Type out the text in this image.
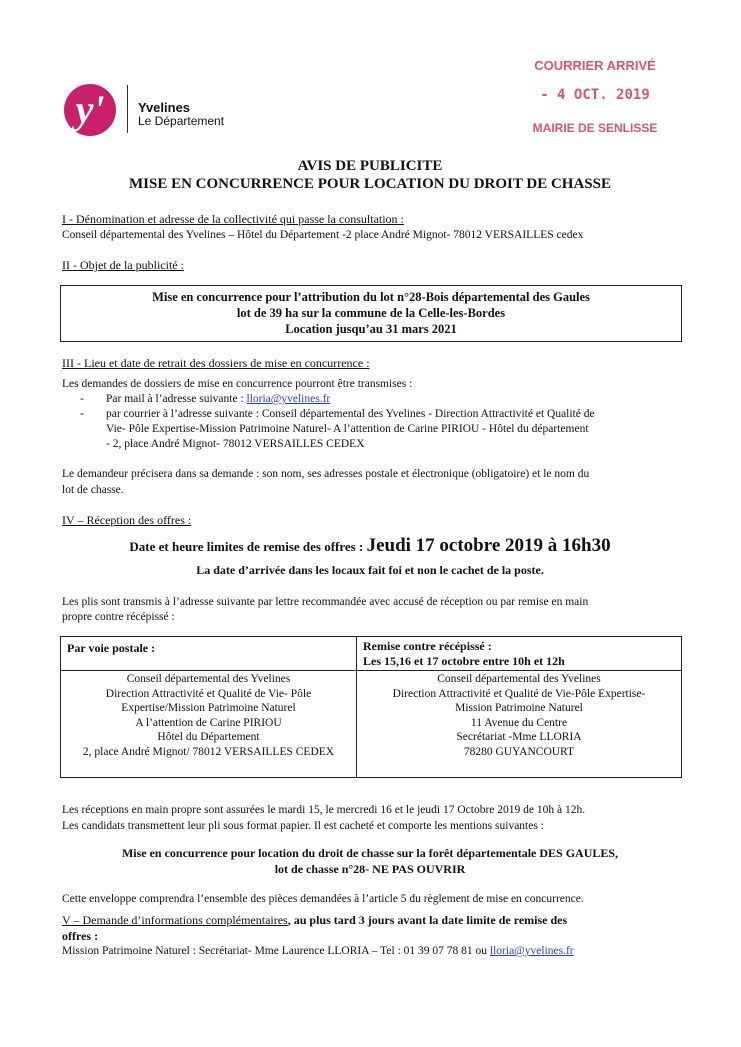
y'	Yvelines
Le Département
COURRIER ARRIVÉ
- 4 OCT. 2019
MAIRIE DE SENLISSE
AVIS DE PUBLICITE
MISE EN CONCURRENCE POUR LOCATION DU DROIT DE CHASSE
I - Dénomination et adresse de la collectivité qui passe la consultation :
Conseil départemental des Yvelines – Hôtel du Département -2 place André Mignot- 78012 VERSAILLES cedex
II - Objet de la publicité :
Mise en concurrence pour l’attribution du lot n°28-Bois départemental des Gaules
lot de 39 ha sur la commune de la Celle-les-Bordes
Location jusqu’au 31 mars 2021
III - Lieu et date de retrait des dossiers de mise en concurrence :
Les demandes de dossiers de mise en concurrence pourront être transmises :
- Par mail à l’adresse suivante : lloria@yvelines.fr
- par courrier à l’adresse suivante : Conseil départemental des Yvelines - Direction Attractivité et Qualité de
Vie- Pôle Expertise-Mission Patrimoine Naturel- A l’attention de Carine PIRIOU - Hôtel du département
- 2, place André Mignot- 78012 VERSAILLES CEDEX
Le demandeur précisera dans sa demande : son nom, ses adresses postale et électronique (obligatoire) et le nom du
lot de chasse.
IV – Réception des offres :
Date et heure limites de remise des offres : Jeudi 17 octobre 2019 à 16h30
La date d’arrivée dans les locaux fait foi et non le cachet de la poste.
Les plis sont transmis à l’adresse suivante par lettre recommandée avec accusé de réception ou par remise en main
propre contre récépissé :
Par voie postale :
Conseil départemental des Yvelines
Direction Attractivité et Qualité de Vie- Pôle
Expertise/Mission Patrimoine Naturel
A l’attention de Carine PIRIOU
Hôtel du Département
2, place André Mignot/ 78012 VERSAILLES CEDEX
Remise contre récépissé :
Les 15,16 et 17 octobre entre 10h et 12h
Conseil départemental des Yvelines
Direction Attractivité et Qualité de Vie-Pôle Expertise-
Mission Patrimoine Naturel
11 Avenue du Centre
Secrétariat -Mme LLORIA
78280 GUYANCOURT
Les réceptions en main propre sont assurées le mardi 15, le mercredi 16 et le jeudi 17 Octobre 2019 de 10h à 12h.
Les candidats transmettent leur pli sous format papier. Il est cacheté et comporte les mentions suivantes :
Mise en concurrence pour location du droit de chasse sur la forêt départementale DES GAULES,
lot de chasse n°28- NE PAS OUVRIR
Cette enveloppe comprendra l’ensemble des pièces demandées à l’article 5 du règlement de mise en concurrence.
V – Demande d’informations complémentaires, au plus tard 3 jours avant la date limite de remise des
offres :
Mission Patrimoine Naturel : Secrétariat- Mme Laurence LLORIA – Tel : 01 39 07 78 81 ou lloria@yvelines.fr
